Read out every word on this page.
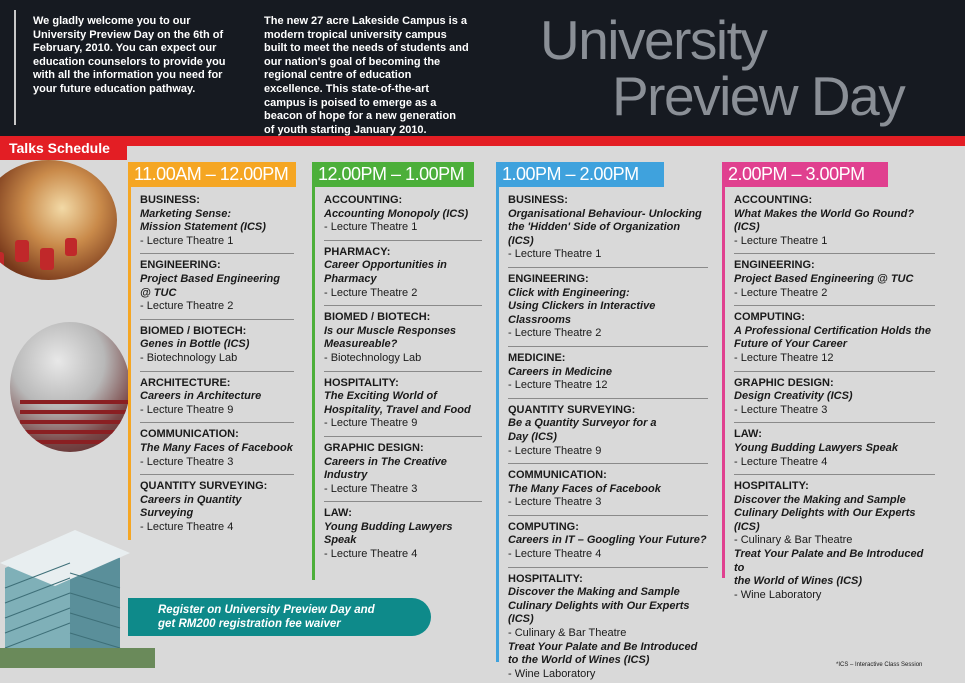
We gladly welcome you to our
University Preview Day on the 6th of
February, 2010. You can expect our
education counselors to provide you
with all the information you need for
your future education pathway.
The new 27 acre Lakeside Campus is a
modern tropical university campus
built to meet the needs of students and
our nation's goal of becoming the
regional centre of education
excellence. This state-of-the-art
campus is poised to emerge as a
beacon of hope for a new generation
of youth starting January 2010.
University
Preview Day
Talks Schedule
11.00AM – 12.00PM
BUSINESS:
Marketing Sense:
Mission Statement (ICS)
- Lecture Theatre 1
ENGINEERING:
Project Based Engineering
@ TUC
- Lecture Theatre 2
BIOMED / BIOTECH:
Genes in Bottle (ICS)
- Biotechnology Lab
ARCHITECTURE:
Careers in Architecture
- Lecture Theatre 9
COMMUNICATION:
The Many Faces of Facebook
- Lecture Theatre 3
QUANTITY SURVEYING:
Careers in Quantity Surveying
- Lecture Theatre 4
12.00PM – 1.00PM
ACCOUNTING:
Accounting Monopoly (ICS)
- Lecture Theatre 1
PHARMACY:
Career Opportunities in
Pharmacy
- Lecture Theatre 2
BIOMED / BIOTECH:
Is our Muscle Responses
Measureable?
- Biotechnology Lab
HOSPITALITY:
The Exciting World of
Hospitality, Travel and Food
- Lecture Theatre 9
GRAPHIC DESIGN:
Careers in The Creative
Industry
- Lecture Theatre 3
LAW:
Young Budding Lawyers
Speak
- Lecture Theatre 4
1.00PM – 2.00PM
BUSINESS:
Organisational Behaviour- Unlocking
the 'Hidden' Side of Organization (ICS)
- Lecture Theatre 1
ENGINEERING:
Click with Engineering:
Using Clickers in Interactive Classrooms
- Lecture Theatre 2
MEDICINE:
Careers in Medicine
- Lecture Theatre 12
QUANTITY SURVEYING:
Be a Quantity Surveyor for a
Day (ICS)
- Lecture Theatre 9
COMMUNICATION:
The Many Faces of Facebook
- Lecture Theatre 3
COMPUTING:
Careers in IT – Googling Your Future?
- Lecture Theatre 4
HOSPITALITY:
Discover the Making and Sample
Culinary Delights with Our Experts (ICS)
- Culinary & Bar Theatre
Treat Your Palate and Be Introduced
to the World of Wines (ICS)
- Wine Laboratory
2.00PM – 3.00PM
ACCOUNTING:
What Makes the World Go Round? (ICS)
- Lecture Theatre 1
ENGINEERING:
Project Based Engineering @ TUC
- Lecture Theatre 2
COMPUTING:
A Professional Certification Holds the
Future of Your Career
- Lecture Theatre 12
GRAPHIC DESIGN:
Design Creativity (ICS)
- Lecture Theatre 3
LAW:
Young Budding Lawyers Speak
- Lecture Theatre 4
HOSPITALITY:
Discover the Making and Sample
Culinary Delights with Our Experts (ICS)
- Culinary & Bar Theatre
Treat Your Palate and Be Introduced to
the World of Wines (ICS)
- Wine Laboratory
Register on University Preview Day and
get RM200 registration fee waiver
*ICS – Interactive Class Session
